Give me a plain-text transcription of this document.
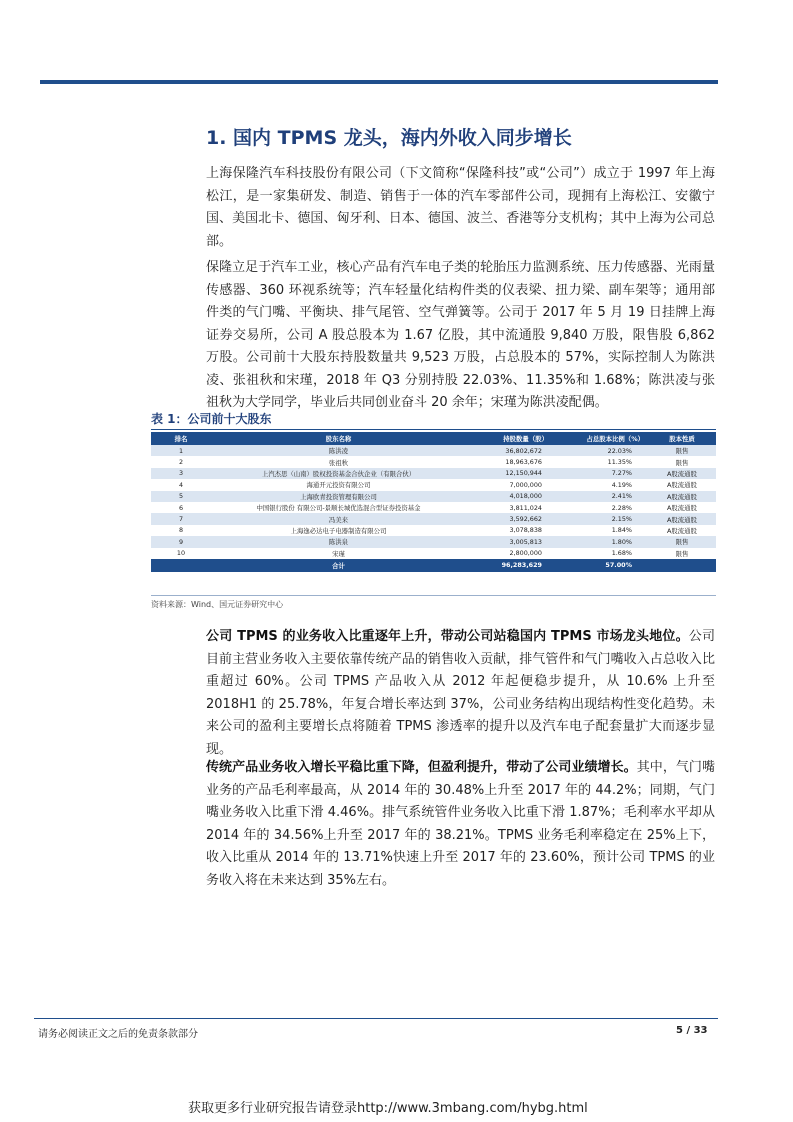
1. 国内 TPMS 龙头，海内外收入同步增长

上海保隆汽车科技股份有限公司（下文简称“保隆科技”或“公司”）成立于 1997 年上海松江，是一家集研发、制造、销售于一体的汽车零部件公司，现拥有上海松江、安徽宁国、美国北卡、德国、匈牙利、日本、德国、波兰、香港等分支机构；其中上海为公司总部。

保隆立足于汽车工业，核心产品有汽车电子类的轮胎压力监测系统、压力传感器、光雨量传感器、360 环视系统等；汽车轻量化结构件类的仪表梁、扭力梁、副车架等；通用部件类的气门嘴、平衡块、排气尾管、空气弹簧等。公司于 2017 年 5 月 19 日挂牌上海证券交易所，公司 A 股总股本为 1.67 亿股，其中流通股 9,840 万股，限售股 6,862 万股。公司前十大股东持股数量共 9,523 万股，占总股本的 57%，实际控制人为陈洪凌、张祖秋和宋瑾，2018 年 Q3 分别持股 22.03%、11.35%和 1.68%；陈洪凌与张祖秋为大学同学，毕业后共同创业奋斗 20 余年；宋瑾为陈洪凌配偶。

表 1：公司前十大股东
排名	股东名称	持股数量（股）	占总股本比例（%）	股本性质
1	陈洪凌	36,802,672	22.03%	限售
2	张祖秋	18,963,676	11.35%	限售
3	上汽杰思（山南）股权投资基金合伙企业（有限合伙）	12,150,944	7.27%	A股流通股
4	海通开元投资有限公司	7,000,000	4.19%	A股流通股
5	上海欧青投资管理有限公司	4,018,000	2.41%	A股流通股
6	中国银行股份 有限公司-景顺长城优选混合型证券投资基金	3,811,024	2.28%	A股流通股
7	冯美来	3,592,662	2.15%	A股流通股
8	上海逸必达电子电器制造有限公司	3,078,838	1.84%	A股流通股
9	陈洪泉	3,005,813	1.80%	限售
10	宋瑾	2,800,000	1.68%	限售
	合计	96,283,629	57.00%	
资料来源：Wind、国元证券研究中心

公司 TPMS 的业务收入比重逐年上升，带动公司站稳国内 TPMS 市场龙头地位。公司目前主营业务收入主要依靠传统产品的销售收入贡献，排气管件和气门嘴收入占总收入比重超过 60%。公司 TPMS 产品收入从 2012 年起便稳步提升，从 10.6% 上升至 2018H1 的 25.78%，年复合增长率达到 37%，公司业务结构出现结构性变化趋势。未来公司的盈利主要增长点将随着 TPMS 渗透率的提升以及汽车电子配套量扩大而逐步显现。

传统产品业务收入增长平稳比重下降，但盈利提升，带动了公司业绩增长。其中，气门嘴业务的产品毛利率最高，从 2014 年的 30.48%上升至 2017 年的 44.2%；同期，气门嘴业务收入比重下滑 4.46%。排气系统管件业务收入比重下滑 1.87%；毛利率水平却从 2014 年的 34.56%上升至 2017 年的 38.21%。TPMS 业务毛利率稳定在 25%上下，收入比重从 2014 年的 13.71%快速上升至 2017 年的 23.60%，预计公司 TPMS 的业务收入将在未来达到 35%左右。

请务必阅读正文之后的免责条款部分	5 / 33
获取更多行业研究报告请登录http://www.3mbang.com/hybg.html
